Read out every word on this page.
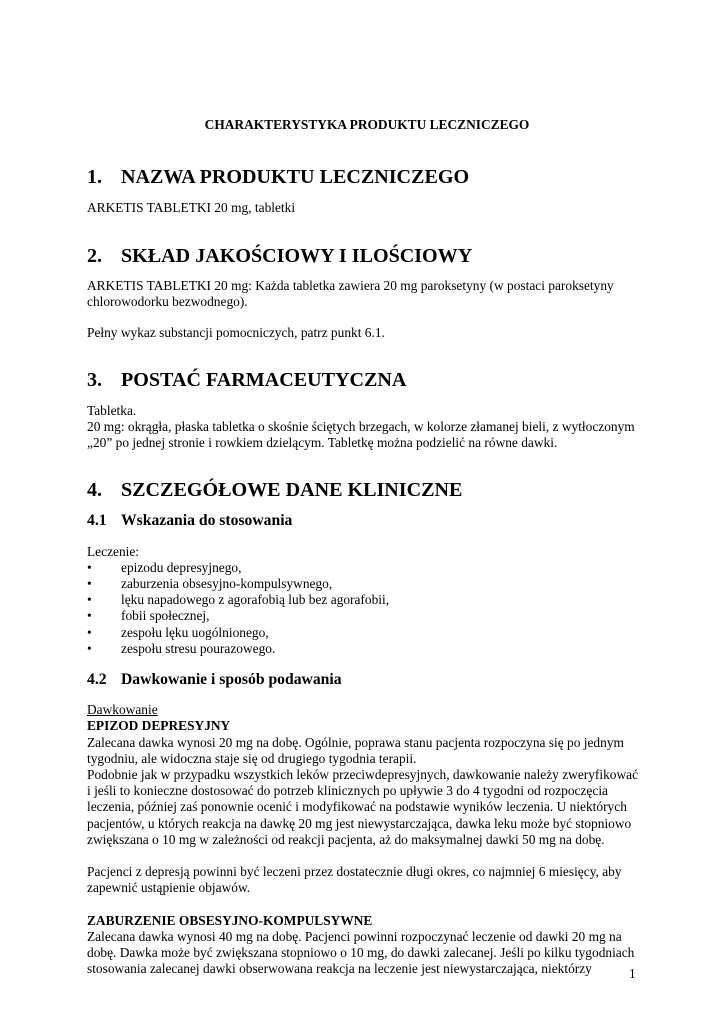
CHARAKTERYSTYKA PRODUKTU LECZNICZEGO
1. NAZWA PRODUKTU LECZNICZEGO

ARKETIS TABLETKI 20 mg, tabletki

2. SKŁAD JAKOŚCIOWY I ILOŚCIOWY

ARKETIS TABLETKI 20 mg: Każda tabletka zawiera 20 mg paroksetyny (w postaci paroksetyny

chlorowodorku bezwodnego).

Pełny wykaz substancji pomocniczych, patrz punkt 6.1.

3. POSTAĆ FARMACEUTYCZNA

Tabletka.

20 mg: okrągła, płaska tabletka o skośnie ściętych brzegach, w kolorze złamanej bieli, z wytłoczonym

„20” po jednej stronie i rowkiem dzielącym. Tabletkę można podzielić na równe dawki.

4. SZCZEGÓŁOWE DANE KLINICZNE
4.1 Wskazania do stosowania

Leczenie:

•	epizodu depresyjnego,
•	zaburzenia obsesyjno-kompulsywnego,
•	lęku napadowego z agorafobią lub bez agorafobii,
•	fobii społecznej,
•	zespołu lęku uogólnionego,
•	zespołu stresu pourazowego.
4.2 Dawkowanie i sposób podawania

Dawkowanie

EPIZOD DEPRESYJNY

Zalecana dawka wynosi 20 mg na dobę. Ogólnie, poprawa stanu pacjenta rozpoczyna się po jednym

tygodniu, ale widoczna staje się od drugiego tygodnia terapii.

Podobnie jak w przypadku wszystkich leków przeciwdepresyjnych, dawkowanie należy zweryfikować

i jeśli to konieczne dostosować do potrzeb klinicznych po upływie 3 do 4 tygodni od rozpoczęcia

leczenia, później zaś ponownie ocenić i modyfikować na podstawie wyników leczenia. U niektórych

pacjentów, u których reakcja na dawkę 20 mg jest niewystarczająca, dawka leku może być stopniowo

zwiększana o 10 mg w zależności od reakcji pacjenta, aż do maksymalnej dawki 50 mg na dobę.

Pacjenci z depresją powinni być leczeni przez dostatecznie długi okres, co najmniej 6 miesięcy, aby

zapewnić ustąpienie objawów.

ZABURZENIE OBSESYJNO-KOMPULSYWNE

Zalecana dawka wynosi 40 mg na dobę. Pacjenci powinni rozpoczynać leczenie od dawki 20 mg na

dobę. Dawka może być zwiększana stopniowo o 10 mg, do dawki zalecanej. Jeśli po kilku tygodniach

stosowania zalecanej dawki obserwowana reakcja na leczenie jest niewystarczająca, niektórzy	1
